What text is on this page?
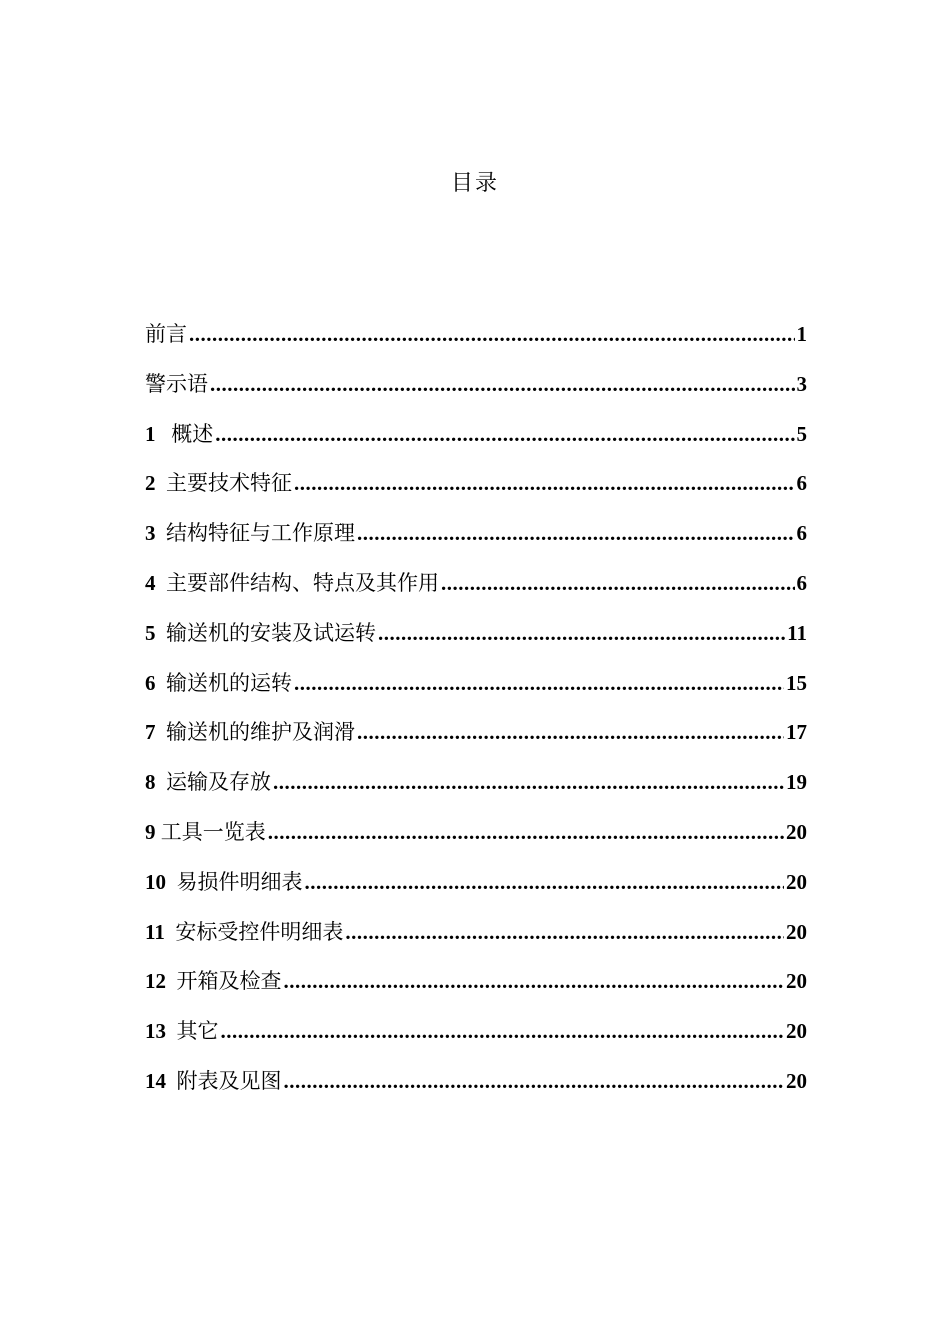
目录
前言 .....	1
警示语 .....	3
1 概述 .....	5
2 主要技术特征 .....	6
3 结构特征与工作原理 .....	6
4 主要部件结构、特点及其作用 .....	6
5 输送机的安装及试运转 .....	11
6 输送机的运转 .....	15
7 输送机的维护及润滑 .....	17
8 运输及存放 .....	19
9 工具一览表 .....	20
10 易损件明细表 .....	20
11 安标受控件明细表 .....	20
12 开箱及检查 .....	20
13 其它 .....	20
14 附表及见图 .....	20
